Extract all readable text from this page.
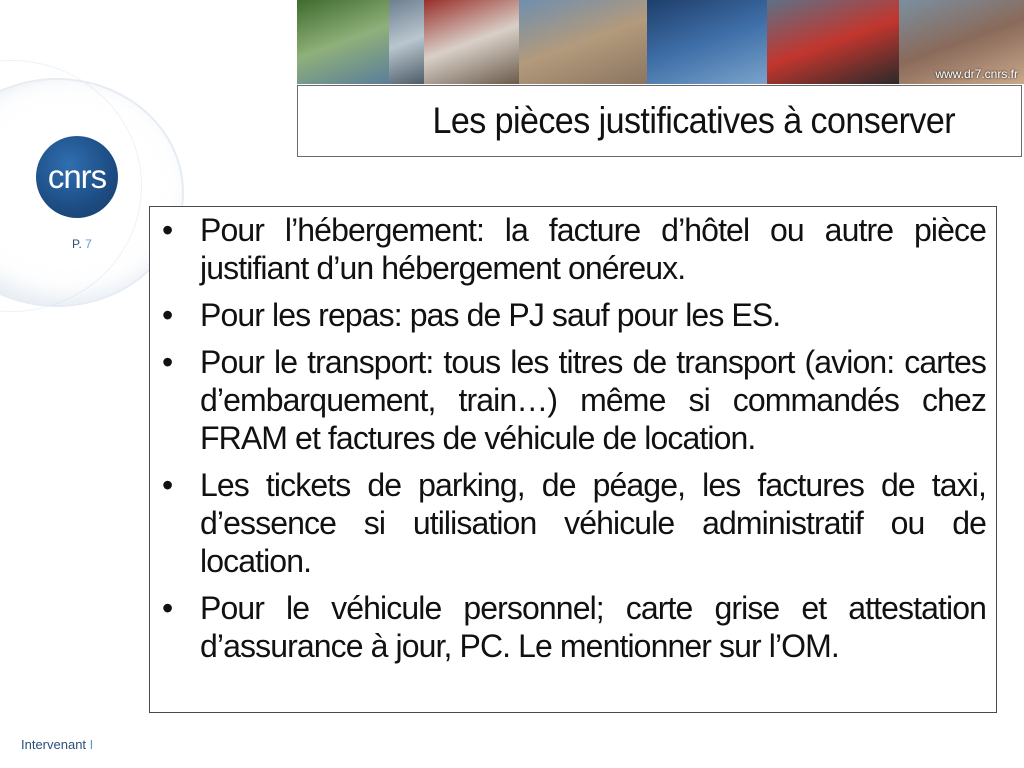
www.dr7.cnrs.fr
Les pièces justificatives à conserver
cnrs
P. 7 • Pour l’hébergement: la facture d’hôtel ou autre pièce justifiant d’un hébergement onéreux.
• Pour les repas: pas de PJ sauf pour les ES.
• Pour le transport: tous les titres de transport (avion: cartes d’embarquement, train…) même si commandés chez FRAM et factures de véhicule de location.
• Les tickets de parking, de péage, les factures de taxi, d’essence si utilisation véhicule administratif ou de location.
• Pour le véhicule personnel; carte grise et attestation d’assurance à jour, PC. Le mentionner sur l’OM.
Intervenant I
